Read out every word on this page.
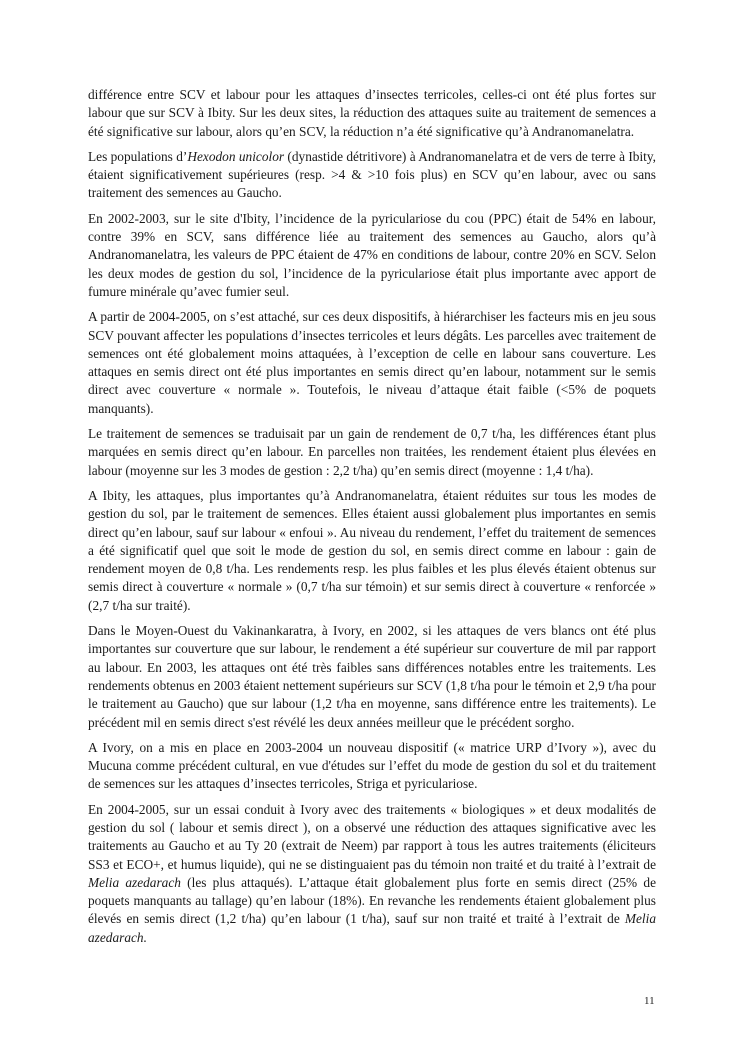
différence entre SCV et labour pour les attaques d’insectes terricoles, celles-ci ont été plus fortes sur labour que sur SCV à Ibity. Sur les deux sites, la réduction des attaques suite au traitement de semences a été significative sur labour, alors qu’en SCV, la réduction n’a été significative qu’à Andranomanelatra.

Les populations d’Hexodon unicolor (dynastide détritivore) à Andranomanelatra et de vers de terre à Ibity, étaient significativement supérieures (resp. >4 & >10 fois plus) en SCV qu’en labour, avec ou sans traitement des semences au Gaucho.

En 2002-2003, sur le site d'Ibity, l’incidence de la pyriculariose du cou (PPC) était de 54% en labour, contre 39% en SCV, sans différence liée au traitement des semences au Gaucho, alors qu’à Andranomanelatra, les valeurs de PPC étaient de 47% en conditions de labour, contre 20% en SCV. Selon les deux modes de gestion du sol, l’incidence de la pyriculariose était plus importante avec apport de fumure minérale qu’avec fumier seul.

A partir de 2004-2005, on s’est attaché, sur ces deux dispositifs, à hiérarchiser les facteurs mis en jeu sous SCV pouvant affecter les populations d’insectes terricoles et leurs dégâts. Les parcelles avec traitement de semences ont été globalement moins attaquées, à l’exception de celle en labour sans couverture. Les attaques en semis direct ont été plus importantes en semis direct qu’en labour, notamment sur le semis direct avec couverture « normale ». Toutefois, le niveau d’attaque était faible (<5% de poquets manquants).

Le traitement de semences se traduisait par un gain de rendement de 0,7 t/ha, les différences étant plus marquées en semis direct qu’en labour. En parcelles non traitées, les rendement étaient plus élevées en labour (moyenne sur les 3 modes de gestion : 2,2 t/ha) qu’en semis direct (moyenne : 1,4 t/ha).

A Ibity, les attaques, plus importantes qu’à Andranomanelatra, étaient réduites sur tous les modes de gestion du sol, par le traitement de semences. Elles étaient aussi globalement plus importantes en semis direct qu’en labour, sauf sur labour « enfoui ». Au niveau du rendement, l’effet du traitement de semences a été significatif quel que soit le mode de gestion du sol, en semis direct comme en labour : gain de rendement moyen de 0,8 t/ha. Les rendements resp. les plus faibles et les plus élevés étaient obtenus sur semis direct à couverture « normale » (0,7 t/ha sur témoin) et sur semis direct à couverture « renforcée » (2,7 t/ha sur traité).

Dans le Moyen-Ouest du Vakinankaratra, à Ivory, en 2002, si les attaques de vers blancs ont été plus importantes sur couverture que sur labour, le rendement a été supérieur sur couverture de mil par rapport au labour. En 2003, les attaques ont été très faibles sans différences notables entre les traitements. Les rendements obtenus en 2003 étaient nettement supérieurs sur SCV (1,8 t/ha pour le témoin et 2,9 t/ha pour le traitement au Gaucho) que sur labour (1,2 t/ha en moyenne, sans différence entre les traitements). Le précédent mil en semis direct s'est révélé les deux années meilleur que le précédent sorgho.

A Ivory, on a mis en place en 2003-2004 un nouveau dispositif (« matrice URP d’Ivory »), avec du Mucuna comme précédent cultural, en vue d'études sur l’effet du mode de gestion du sol et du traitement de semences sur les attaques d’insectes terricoles, Striga et pyriculariose.

En 2004-2005, sur un essai conduit à Ivory avec des traitements « biologiques » et deux modalités de gestion du sol ( labour et semis direct ), on a observé une réduction des attaques significative avec les traitements au Gaucho et au Ty 20 (extrait de Neem) par rapport à tous les autres traitements (éliciteurs SS3 et ECO+, et humus liquide), qui ne se distinguaient pas du témoin non traité et du traité à l’extrait de Melia azedarach (les plus attaqués). L’attaque était globalement plus forte en semis direct (25% de poquets manquants au tallage) qu’en labour (18%). En revanche les rendements étaient globalement plus élevés en semis direct (1,2 t/ha) qu’en labour (1 t/ha), sauf sur non traité et traité à l’extrait de Melia azedarach.

11
